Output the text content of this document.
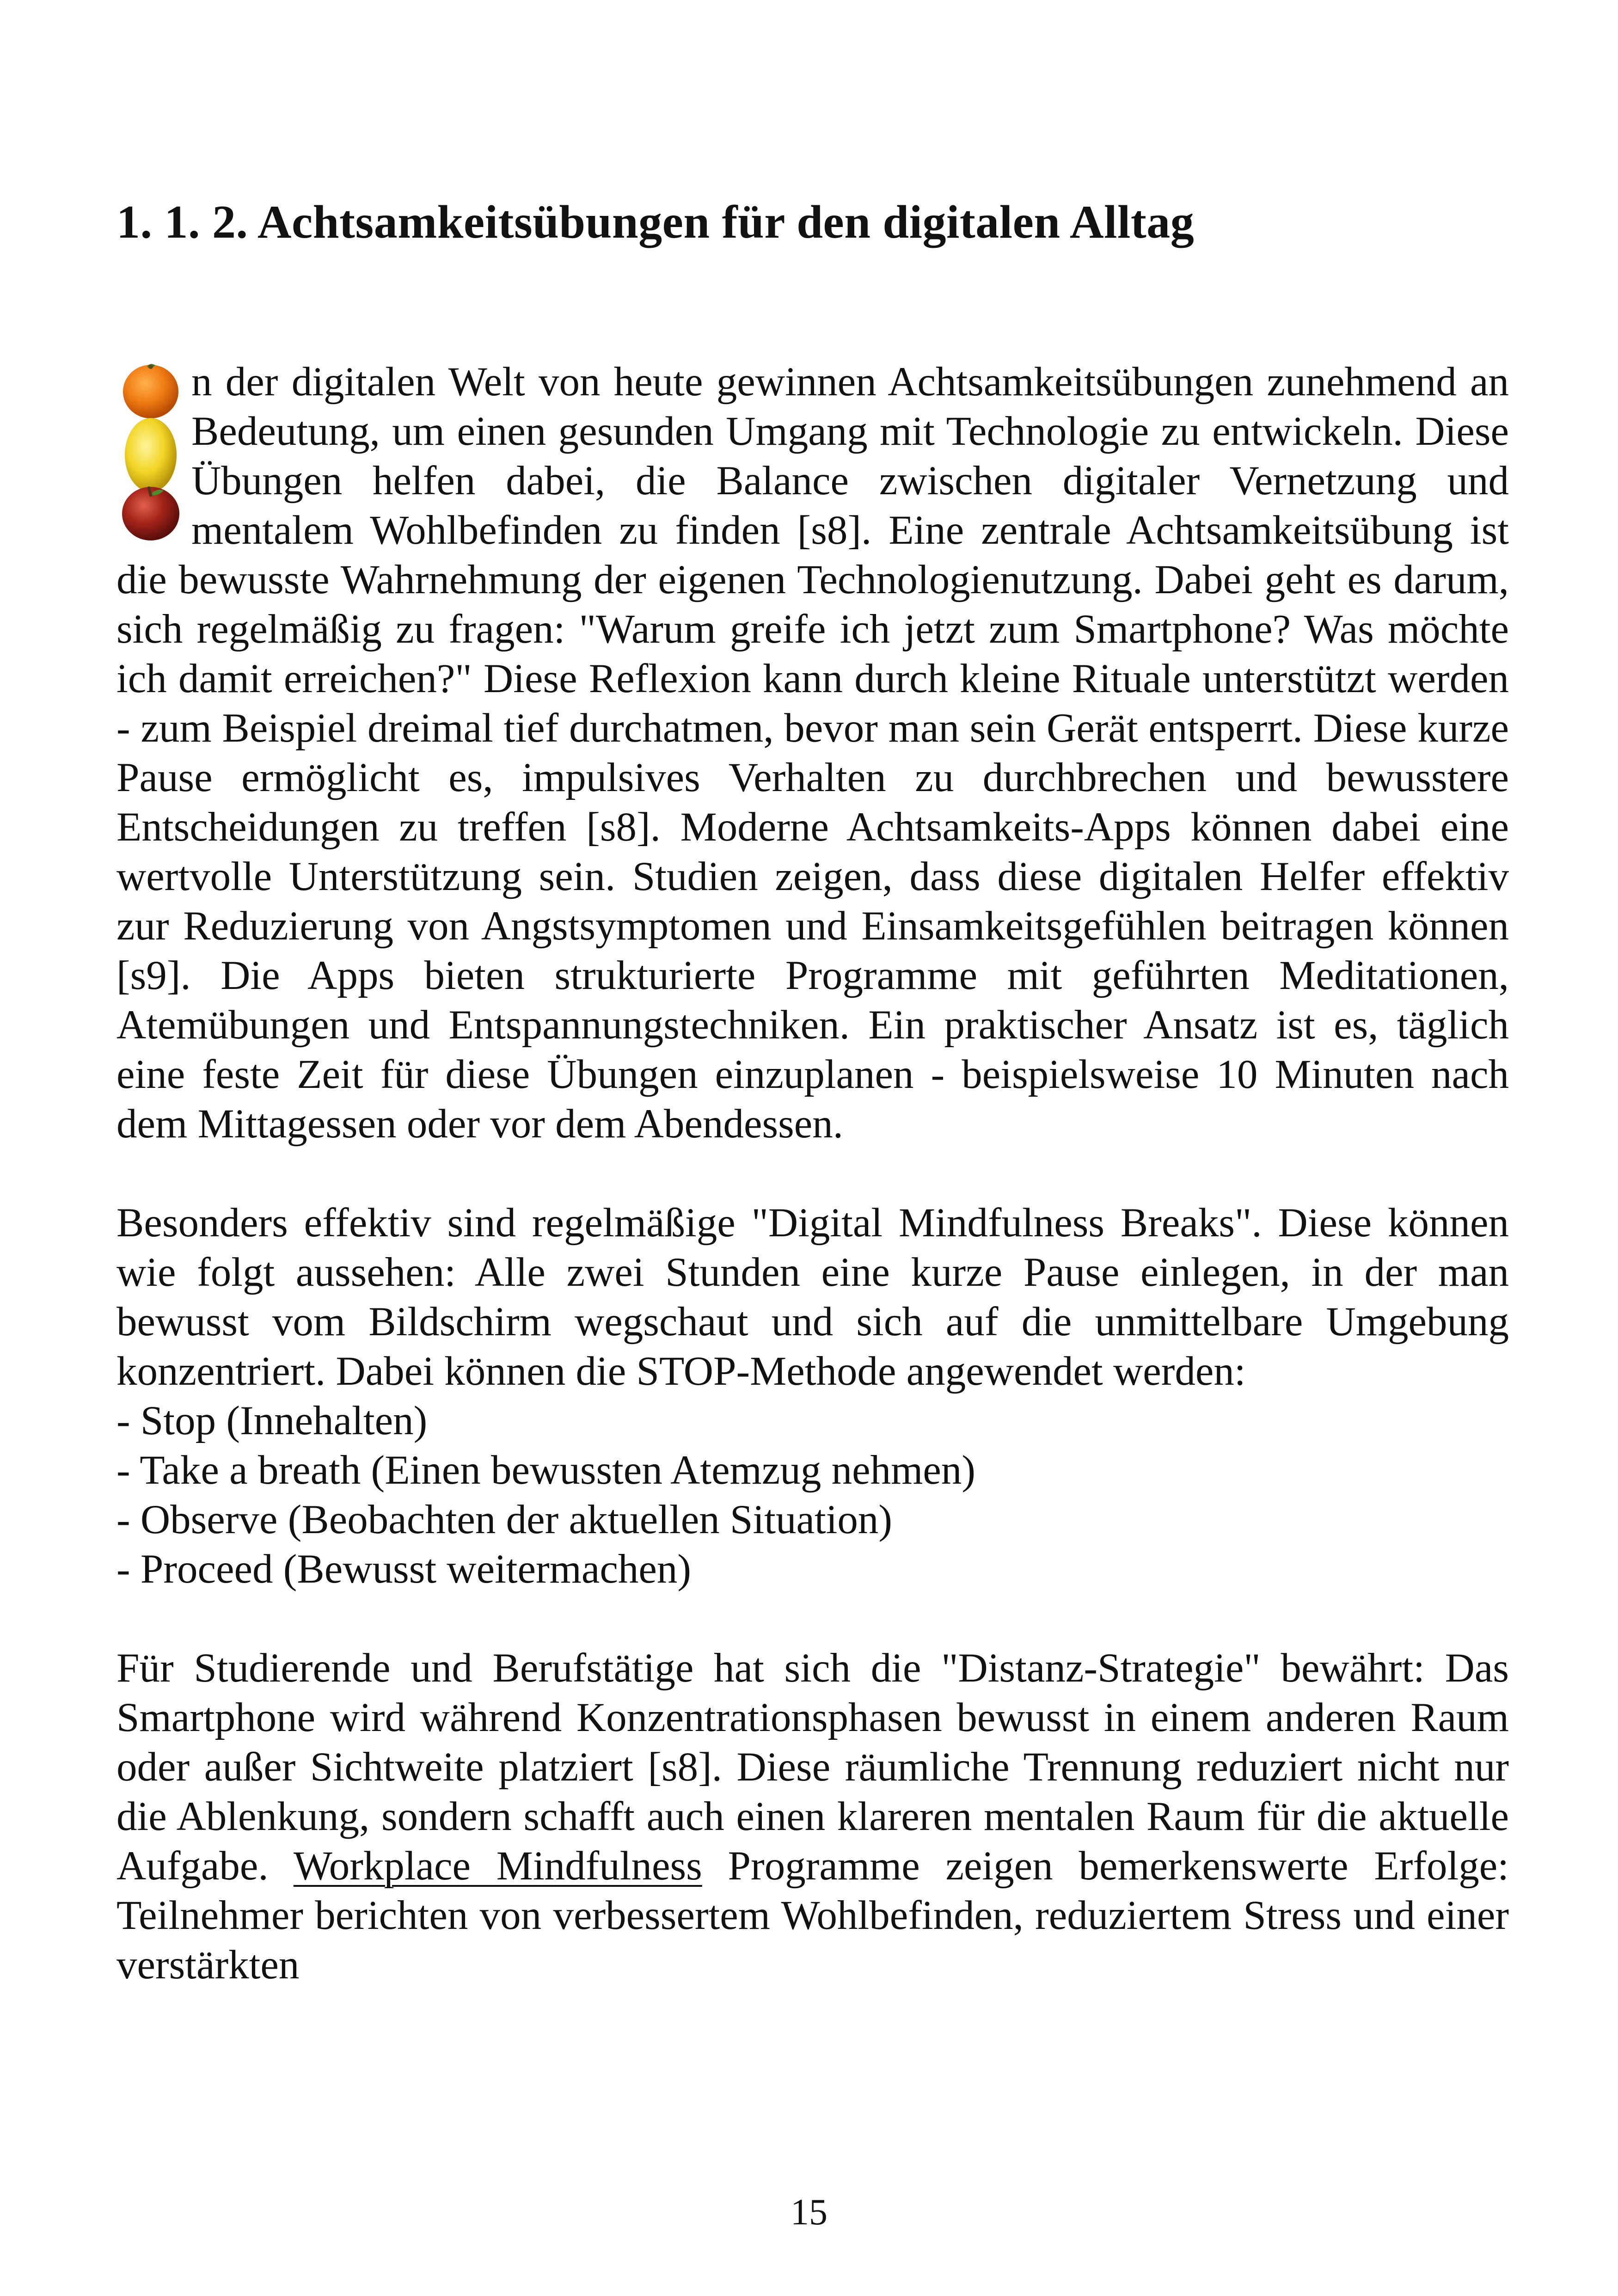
1. 1. 2. Achtsamkeitsübungen für den digitalen Alltag

n der digitalen Welt von heute gewinnen Achtsamkeitsübungen zunehmend an Bedeutung, um einen gesunden Umgang mit Technologie zu entwickeln. Diese Übungen helfen dabei, die Balance zwischen digitaler Vernetzung und mentalem Wohlbefinden zu finden [s8]. Eine zentrale Achtsamkeitsübung ist die bewusste Wahrnehmung der eigenen Technologienutzung. Dabei geht es darum, sich regelmäßig zu fragen: "Warum greife ich jetzt zum Smartphone? Was möchte ich damit erreichen?" Diese Reflexion kann durch kleine Rituale unterstützt werden - zum Beispiel dreimal tief durchatmen, bevor man sein Gerät entsperrt. Diese kurze Pause ermöglicht es, impulsives Verhalten zu durchbrechen und bewusstere Entscheidungen zu treffen [s8]. Moderne Achtsamkeits-Apps können dabei eine wertvolle Unterstützung sein. Studien zeigen, dass diese digitalen Helfer effektiv zur Reduzierung von Angstsymptomen und Einsamkeitsgefühlen beitragen können [s9]. Die Apps bieten strukturierte Programme mit geführten Meditationen, Atemübungen und Entspannungstechniken. Ein praktischer Ansatz ist es, täglich eine feste Zeit für diese Übungen einzuplanen - beispielsweise 10 Minuten nach dem Mittagessen oder vor dem Abendessen.

Besonders effektiv sind regelmäßige "Digital Mindfulness Breaks". Diese können wie folgt aussehen: Alle zwei Stunden eine kurze Pause einlegen, in der man bewusst vom Bildschirm wegschaut und sich auf die unmittelbare Umgebung konzentriert. Dabei können die STOP-Methode angewendet werden:

- Stop (Innehalten)
- Take a breath (Einen bewussten Atemzug nehmen)
- Observe (Beobachten der aktuellen Situation)
- Proceed (Bewusst weitermachen)

Für Studierende und Berufstätige hat sich die "Distanz-Strategie" bewährt: Das Smartphone wird während Konzentrationsphasen bewusst in einem anderen Raum oder außer Sichtweite platziert [s8]. Diese räumliche Trennung reduziert nicht nur die Ablenkung, sondern schafft auch einen klareren mentalen Raum für die aktuelle Aufgabe. Workplace Mindfulness Programme zeigen bemerkenswerte Erfolge: Teilnehmer berichten von verbessertem Wohlbefinden, reduziertem Stress und einer verstärkten

15
